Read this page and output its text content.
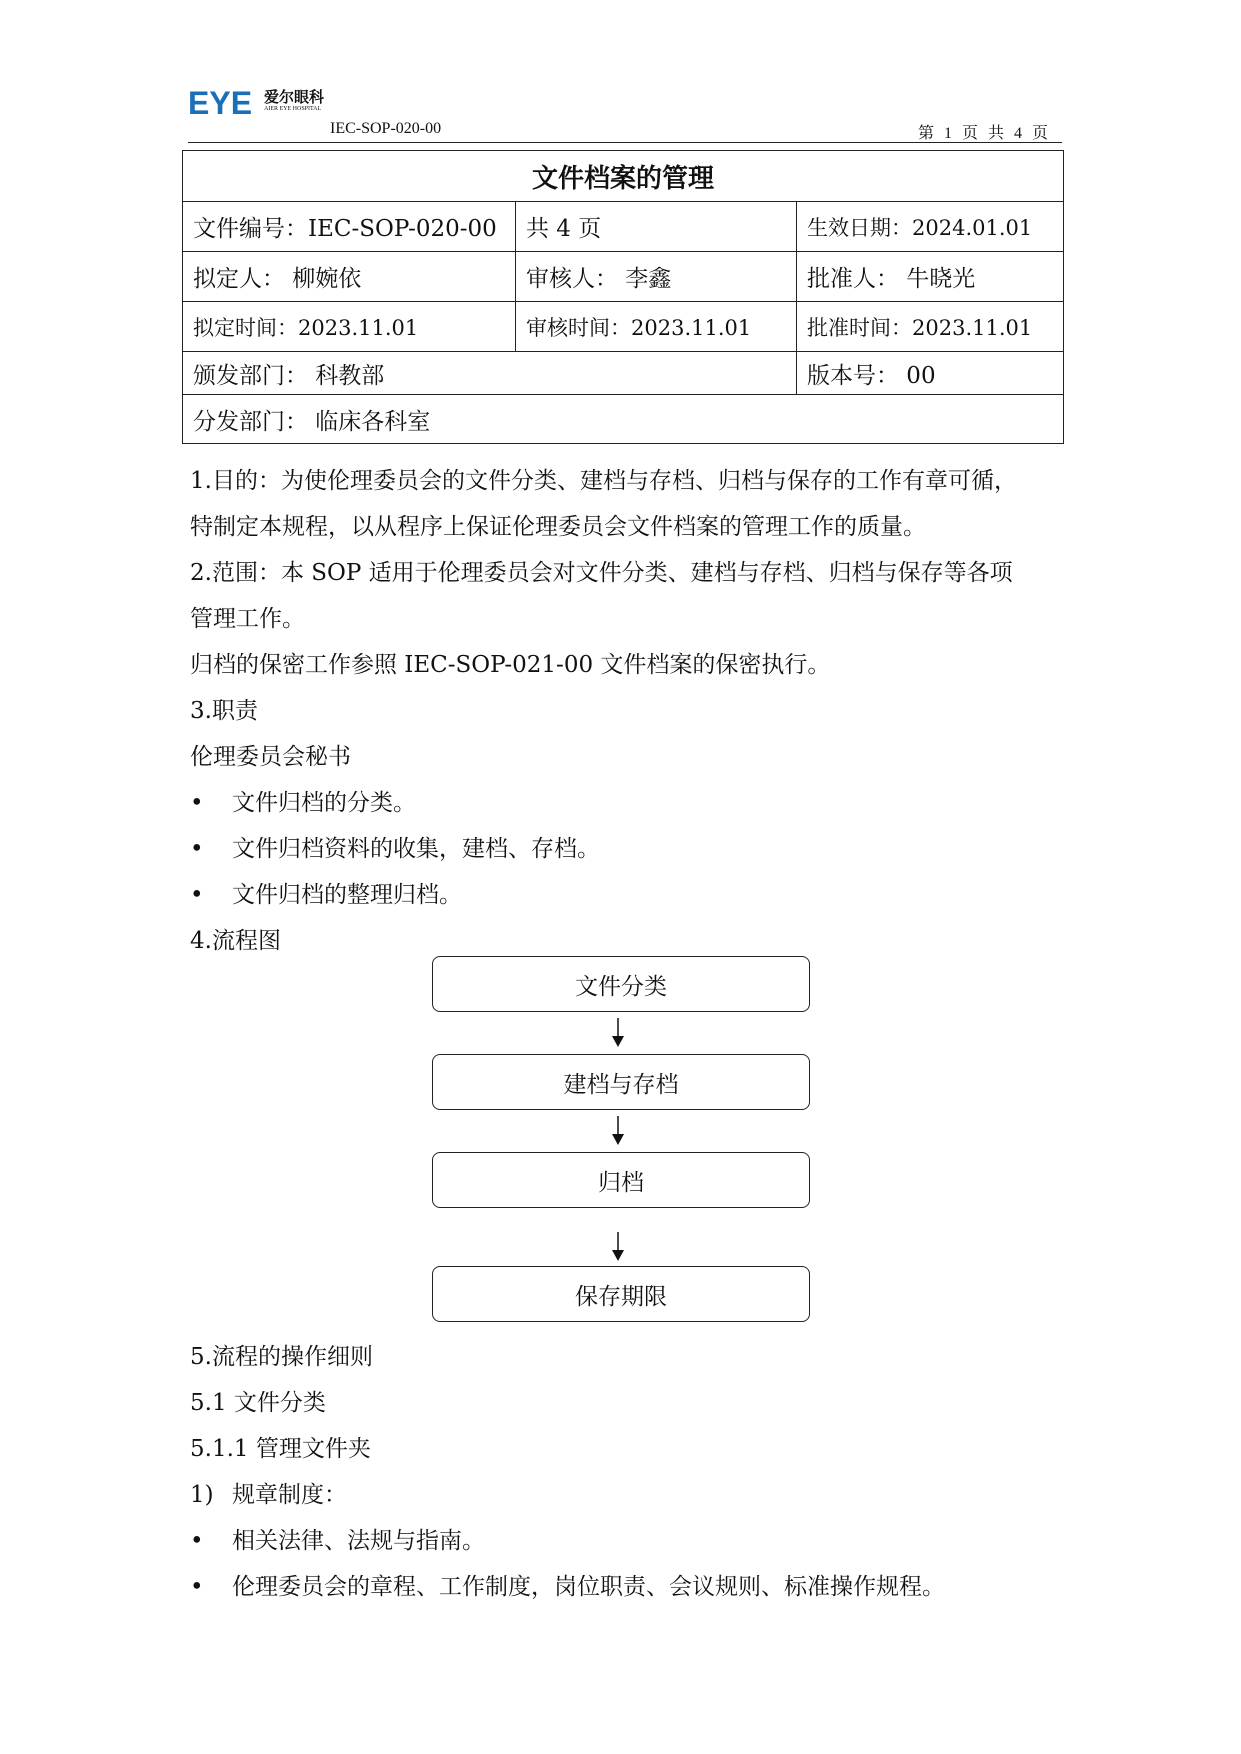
EYE 爱尔眼科
AIER EYE HOSPITAL
IEC-SOP-020-00	第 1 页 共 4 页
文件档案的管理		
文件编号：IEC-SOP-020-00	共 4 页	生效日期：2024.01.01
拟定人： 柳婉依	审核人： 李鑫	批准人： 牛晓光
拟定时间：2023.11.01	审核时间：2023.11.01	批准时间：2023.11.01
颁发部门： 科教部		版本号： 00
分发部门： 临床各科室		
1.目的：为使伦理委员会的文件分类、建档与存档、归档与保存的工作有章可循，
特制定本规程，以从程序上保证伦理委员会文件档案的管理工作的质量。
2.范围：本 SOP 适用于伦理委员会对文件分类、建档与存档、归档与保存等各项
管理工作。
归档的保密工作参照 IEC-SOP-021-00 文件档案的保密执行。
3.职责
伦理委员会秘书
• 文件归档的分类。
• 文件归档资料的收集，建档、存档。
• 文件归档的整理归档。
4.流程图
文件分类
建档与存档
归档
保存期限
5.流程的操作细则
5.1 文件分类
5.1.1 管理文件夹
1) 规章制度：
• 相关法律、法规与指南。
• 伦理委员会的章程、工作制度，岗位职责、会议规则、标准操作规程。
